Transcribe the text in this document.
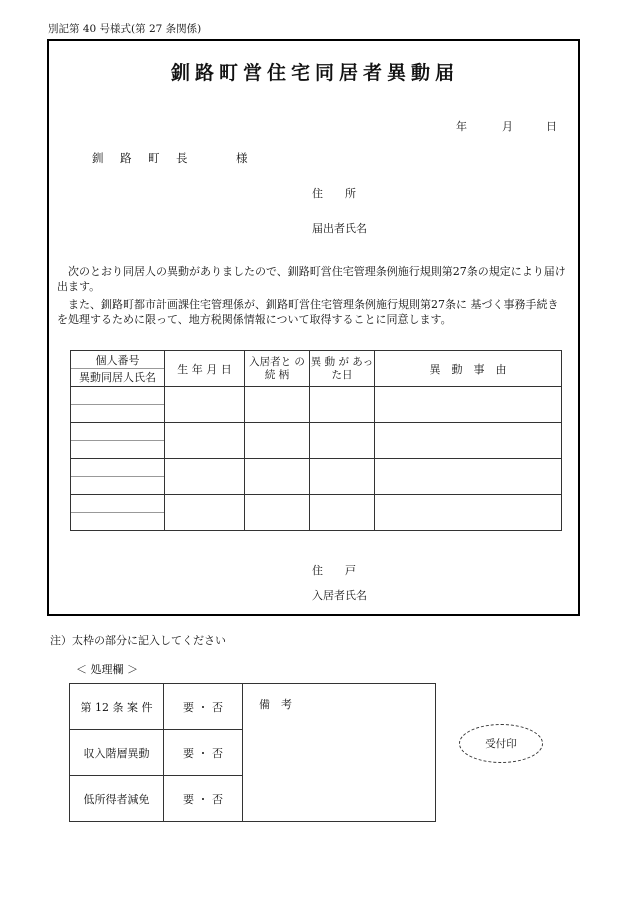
別記第 40 号様式(第 27 条関係)
釧路町営住宅同居者異動届
年	月	日
釧 路 町 長	様
住　　所
届出者氏名
次のとおり同居人の異動がありましたので、釧路町営住宅管理条例施行規則第27条の規定により届け出ます。
また、釧路町都市計画課住宅管理係が、釧路町営住宅管理条例施行規則第27条に 基づく事務手続きを処理するために限って、地方税関係情報について取得することに同意します。
個人番号
異動同居人氏名	生 年 月 日	入居者と の 続 柄	異 動 が あった日	異　動　事　由

住　　戸
入居者氏名
注）太枠の部分に記入してください
＜ 処理欄 ＞
第 12 条 案 件	要 ・ 否	備　考
収入階層異動	要 ・ 否	
低所得者減免	要 ・ 否	
受付印
